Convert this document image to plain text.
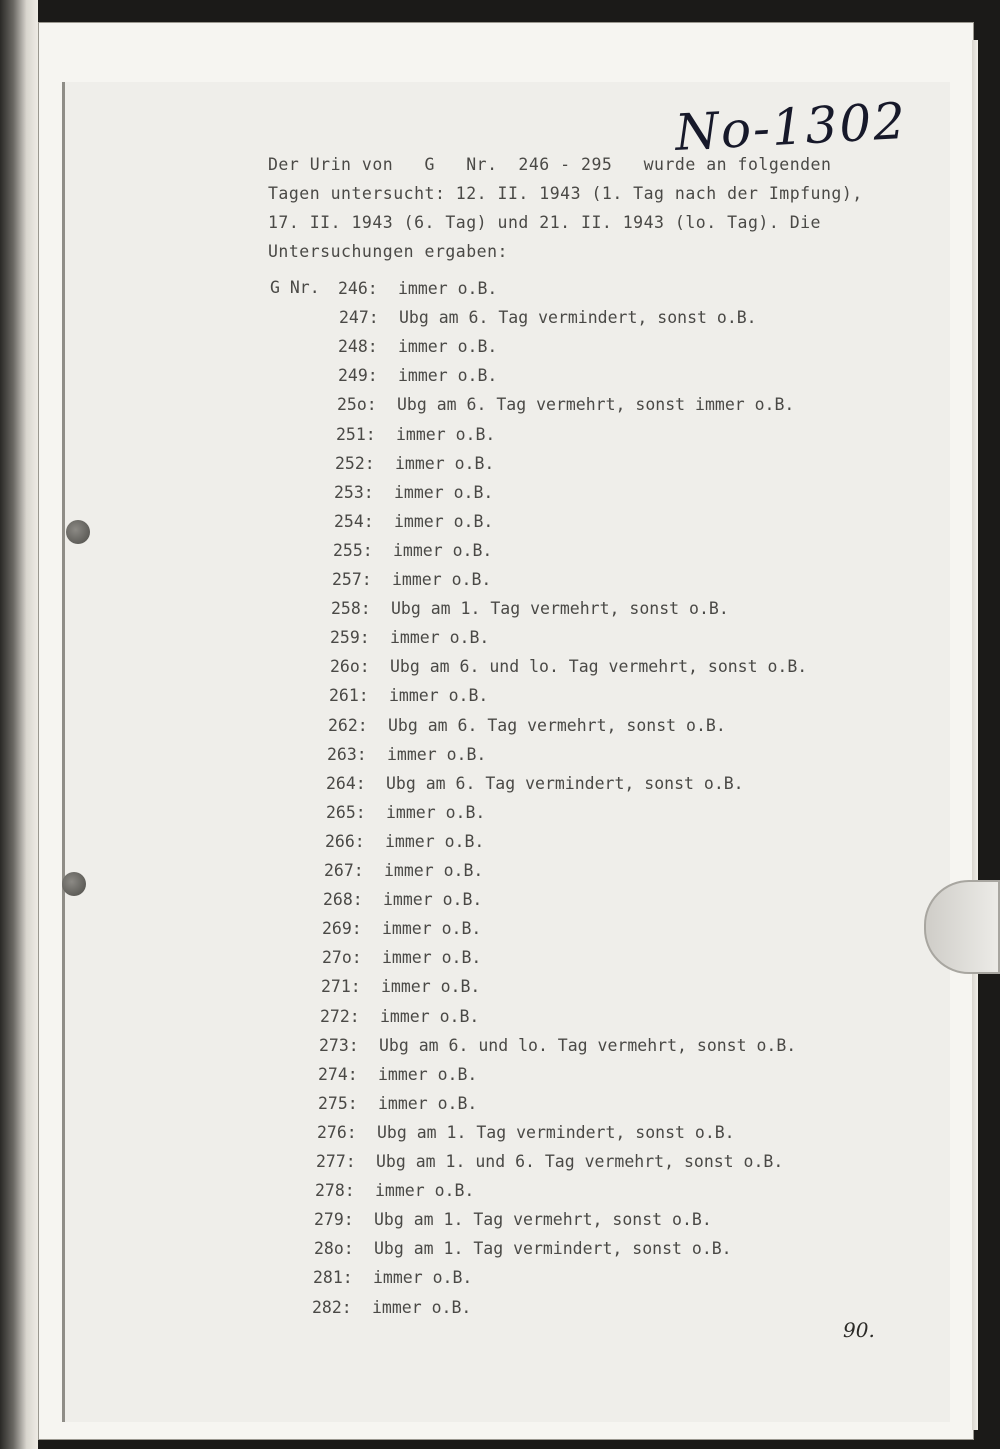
No-1302
Der Urin von   G   Nr.  246 - 295   wurde an folgenden
Tagen untersucht: 12. II. 1943 (1. Tag nach der Impfung),
17. II. 1943 (6. Tag) und 21. II. 1943 (lo. Tag). Die
Untersuchungen ergaben:
G Nr. 246: immer o.B.
247: Ubg am 6. Tag vermindert, sonst o.B.
248: immer o.B.
249: immer o.B.
25o: Ubg am 6. Tag vermehrt, sonst immer o.B.
251: immer o.B.
252: immer o.B.
253: immer o.B.
254: immer o.B.
255: immer o.B.
257: immer o.B.
258: Ubg am 1. Tag vermehrt, sonst o.B.
259: immer o.B.
26o: Ubg am 6. und lo. Tag vermehrt, sonst o.B.
261: immer o.B.
262: Ubg am 6. Tag vermehrt, sonst o.B.
263: immer o.B.
264: Ubg am 6. Tag vermindert, sonst o.B.
265: immer o.B.
266: immer o.B.
267: immer o.B.
268: immer o.B.
269: immer o.B.
27o: immer o.B.
271: immer o.B.
272: immer o.B.
273: Ubg am 6. und lo. Tag vermehrt, sonst o.B.
274: immer o.B.
275: immer o.B.
276: Ubg am 1. Tag vermindert, sonst o.B.
277: Ubg am 1. und 6. Tag vermehrt, sonst o.B.
278: immer o.B.
279: Ubg am 1. Tag vermehrt, sonst o.B.
28o: Ubg am 1. Tag vermindert, sonst o.B.
281: immer o.B.
282: immer o.B.
90.
